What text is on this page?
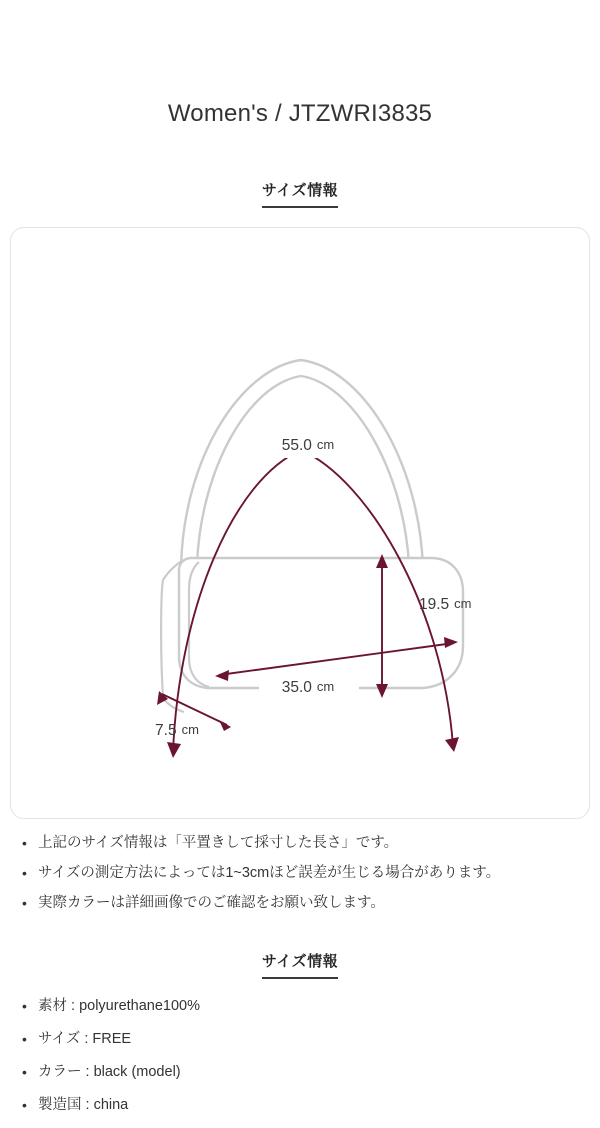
Women's / JTZWRI3835
サイズ情報
55.0 cm
19.5 cm
35.0 cm
7.5 cm
• 上記のサイズ情報は「平置きして採寸した長さ」です。
• サイズの測定方法によっては1~3cmほど誤差が生じる場合があります。
• 実際カラーは詳細画像でのご確認をお願い致します。
サイズ情報
• 素材 : polyurethane100%
• サイズ : FREE
• カラー : black (model)
• 製造国 : china
